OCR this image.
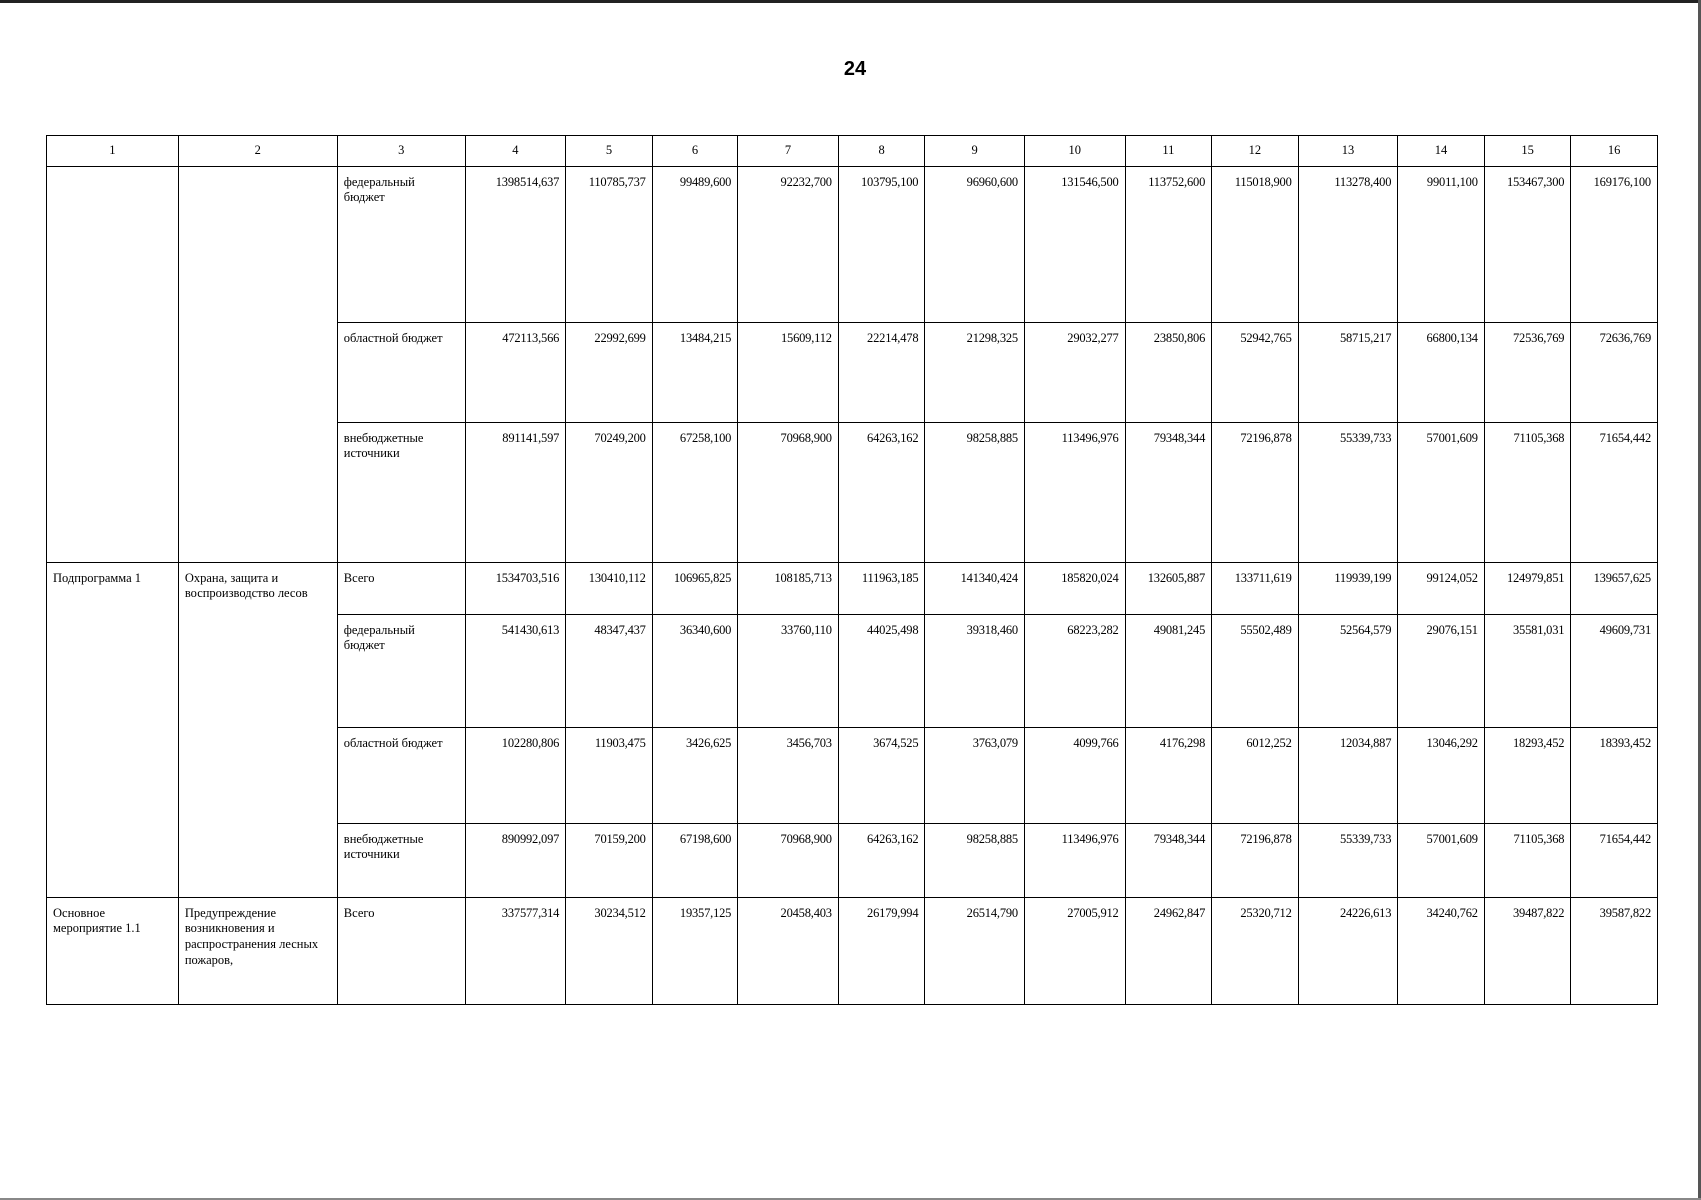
24
1	2	3	4	5	6	7	8	9	10	11	12	13	14	15	16
		федеральный бюджет	1398514,637	110785,737	99489,600	92232,700	103795,100	96960,600	131546,500	113752,600	115018,900	113278,400	99011,100	153467,300	169176,100
		областной бюджет	472113,566	22992,699	13484,215	15609,112	22214,478	21298,325	29032,277	23850,806	52942,765	58715,217	66800,134	72536,769	72636,769
		внебюджетные источники	891141,597	70249,200	67258,100	70968,900	64263,162	98258,885	113496,976	79348,344	72196,878	55339,733	57001,609	71105,368	71654,442
Подпрограмма 1	Охрана, защита и воспроизводство лесов	Всего	1534703,516	130410,112	106965,825	108185,713	111963,185	141340,424	185820,024	132605,887	133711,619	119939,199	99124,052	124979,851	139657,625
		федеральный бюджет	541430,613	48347,437	36340,600	33760,110	44025,498	39318,460	68223,282	49081,245	55502,489	52564,579	29076,151	35581,031	49609,731
		областной бюджет	102280,806	11903,475	3426,625	3456,703	3674,525	3763,079	4099,766	4176,298	6012,252	12034,887	13046,292	18293,452	18393,452
		внебюджетные источники	890992,097	70159,200	67198,600	70968,900	64263,162	98258,885	113496,976	79348,344	72196,878	55339,733	57001,609	71105,368	71654,442
Основное мероприятие 1.1	Предупреждение возникновения и распространения лесных пожаров,	Всего	337577,314	30234,512	19357,125	20458,403	26179,994	26514,790	27005,912	24962,847	25320,712	24226,613	34240,762	39487,822	39587,822
